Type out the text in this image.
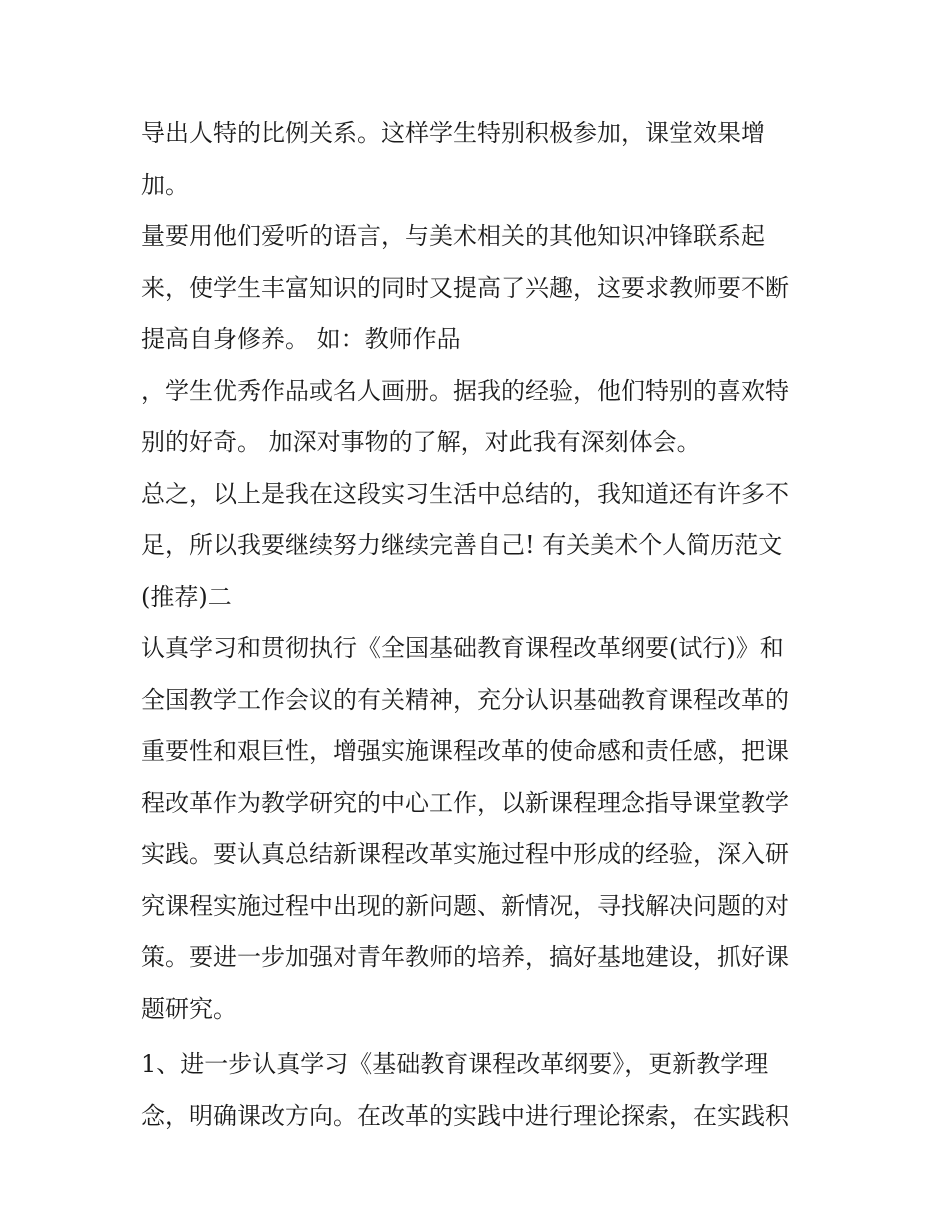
导出人特的比例关系。这样学生特别积极参加，课堂效果增

加。

量要用他们爱听的语言，与美术相关的其他知识冲锋联系起

来，使学生丰富知识的同时又提高了兴趣，这要求教师要不断

提高自身修养。 如：教师作品

，学生优秀作品或名人画册。据我的经验，他们特别的喜欢特

别的好奇。 加深对事物的了解，对此我有深刻体会。

总之，以上是我在这段实习生活中总结的，我知道还有许多不

足，所以我要继续努力继续完善自己! 有关美术个人简历范文

(推荐)二

认真学习和贯彻执行《全国基础教育课程改革纲要(试行)》和

全国教学工作会议的有关精神，充分认识基础教育课程改革的

重要性和艰巨性，增强实施课程改革的使命感和责任感，把课

程改革作为教学研究的中心工作，以新课程理念指导课堂教学

实践。要认真总结新课程改革实施过程中形成的经验，深入研

究课程实施过程中出现的新问题、新情况，寻找解决问题的对

策。要进一步加强对青年教师的培养，搞好基地建设，抓好课

题研究。

1、进一步认真学习《基础教育课程改革纲要》，更新教学理

念，明确课改方向。在改革的实践中进行理论探索，在实践积
